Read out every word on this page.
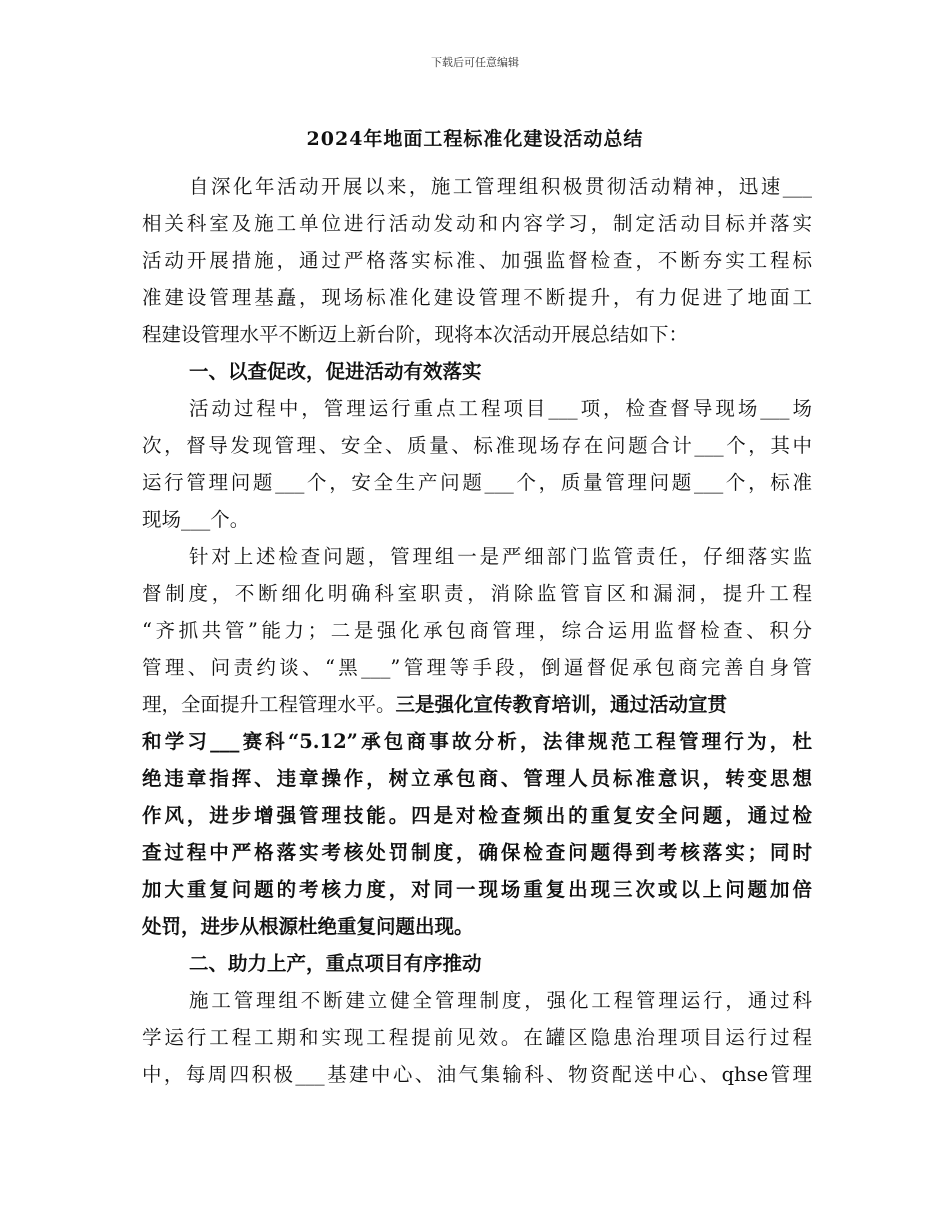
下载后可任意编辑
2024年地面工程标准化建设活动总结
自深化年活动开展以来，施工管理组积极贯彻活动精神，迅速___
相关科室及施工单位进行活动发动和内容学习，制定活动目标并落实
活动开展措施，通过严格落实标准、加强监督检查，不断夯实工程标
准建设管理基矗，现场标准化建设管理不断提升，有力促进了地面工
程建设管理水平不断迈上新台阶，现将本次活动开展总结如下：
一、以查促改，促进活动有效落实
活动过程中，管理运行重点工程项目___项，检查督导现场___场
次，督导发现管理、安全、质量、标准现场存在问题合计___个，其中
运行管理问题___个，安全生产问题___个，质量管理问题___个，标准
现场___个。
针对上述检查问题，管理组一是严细部门监管责任，仔细落实监
督制度，不断细化明确科室职责，消除监管盲区和漏洞，提升工程
“齐抓共管”能力；二是强化承包商管理，综合运用监督检查、积分
管理、问责约谈、“黑___”管理等手段，倒逼督促承包商完善自身管
理，全面提升工程管理水平。三是强化宣传教育培训，通过活动宣贯
和学习___赛科“5.12”承包商事故分析，法律规范工程管理行为，杜
绝违章指挥、违章操作，树立承包商、管理人员标准意识，转变思想
作风，进步增强管理技能。四是对检查频出的重复安全问题，通过检
查过程中严格落实考核处罚制度，确保检查问题得到考核落实；同时
加大重复问题的考核力度，对同一现场重复出现三次或以上问题加倍
处罚，进步从根源杜绝重复问题出现。
二、助力上产，重点项目有序推动
施工管理组不断建立健全管理制度，强化工程管理运行，通过科
学运行工程工期和实现工程提前见效。在罐区隐患治理项目运行过程
中，每周四积极___基建中心、油气集输科、物资配送中心、qhse管理
